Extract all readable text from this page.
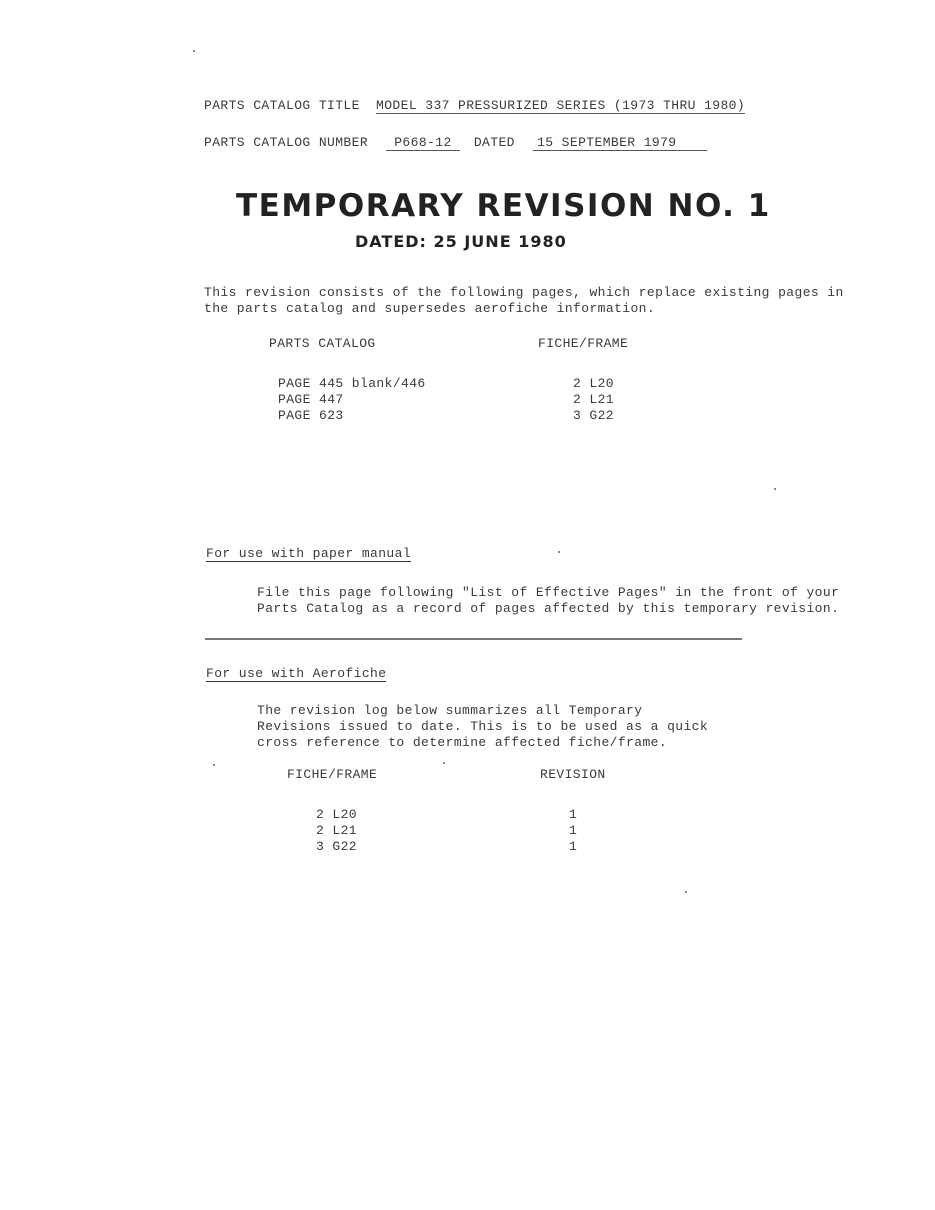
PARTS CATALOG TITLE MODEL 337 PRESSURIZED SERIES (1973 THRU 1980)
PARTS CATALOG NUMBER P668-12 DATED 15 SEPTEMBER 1979
TEMPORARY REVISION NO. 1
DATED: 25 JUNE 1980
This revision consists of the following pages, which replace existing pages in
the parts catalog and supersedes aerofiche information.
PARTS CATALOG	FICHE/FRAME
PAGE 445 blank/446
PAGE 447
PAGE 623
2 L20
2 L21
3 G22
For use with paper manual
File this page following "List of Effective Pages" in the front of your
Parts Catalog as a record of pages affected by this temporary revision.
For use with Aerofiche
The revision log below summarizes all Temporary
Revisions issued to date. This is to be used as a quick
cross reference to determine affected fiche/frame.
FICHE/FRAME	REVISION
2 L20
2 L21
3 G22
1
1
1
